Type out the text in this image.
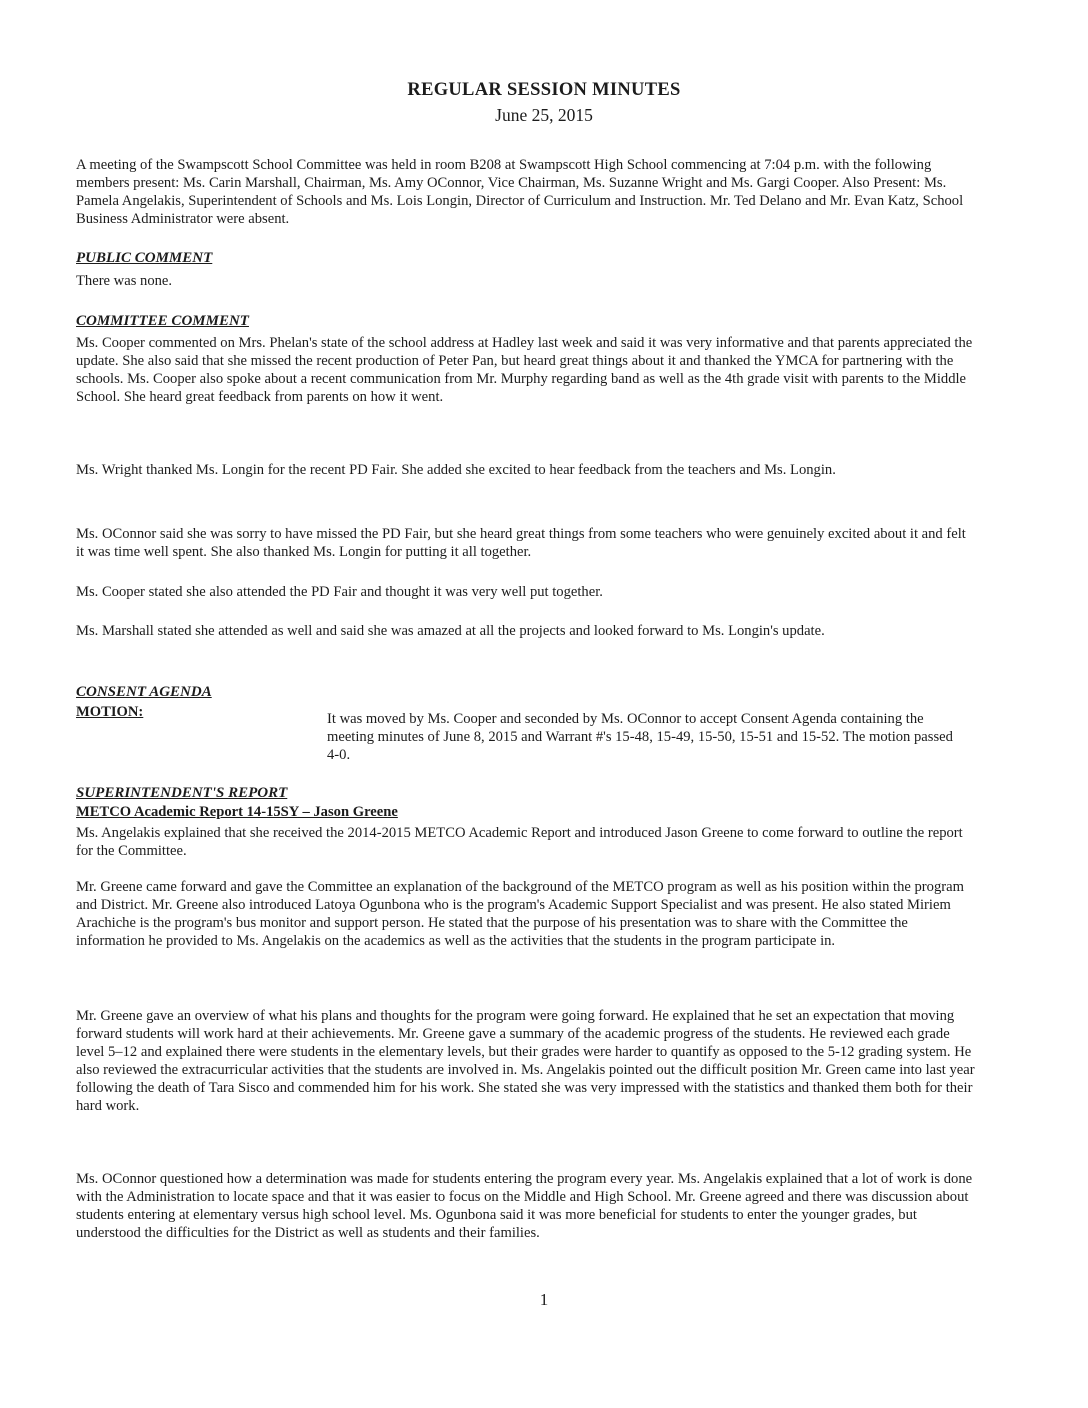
REGULAR SESSION MINUTES
June 25, 2015

A meeting of the Swampscott School Committee was held in room B208 at Swampscott High School commencing at 7:04 p.m. with the following members present: Ms. Carin Marshall, Chairman, Ms. Amy OConnor, Vice Chairman, Ms. Suzanne Wright and Ms. Gargi Cooper. Also Present: Ms. Pamela Angelakis, Superintendent of Schools and Ms. Lois Longin, Director of Curriculum and Instruction. Mr. Ted Delano and Mr. Evan Katz, School Business Administrator were absent.

PUBLIC COMMENT

There was none.

COMMITTEE COMMENT

Ms. Cooper commented on Mrs. Phelan's state of the school address at Hadley last week and said it was very informative and that parents appreciated the update. She also said that she missed the recent production of Peter Pan, but heard great things about it and thanked the YMCA for partnering with the schools. Ms. Cooper also spoke about a recent communication from Mr. Murphy regarding band as well as the 4th grade visit with parents to the Middle School. She heard great feedback from parents on how it went.

Ms. Wright thanked Ms. Longin for the recent PD Fair. She added she excited to hear feedback from the teachers and Ms. Longin.

Ms. OConnor said she was sorry to have missed the PD Fair, but she heard great things from some teachers who were genuinely excited about it and felt it was time well spent. She also thanked Ms. Longin for putting it all together.

Ms. Cooper stated she also attended the PD Fair and thought it was very well put together.

Ms. Marshall stated she attended as well and said she was amazed at all the projects and looked forward to Ms. Longin's update.

CONSENT AGENDA
MOTION:	It was moved by Ms. Cooper and seconded by Ms. OConnor to accept Consent Agenda containing the meeting minutes of June 8, 2015 and Warrant #'s 15-48, 15-49, 15-50, 15-51 and 15-52. The motion passed 4-0.

SUPERINTENDENT'S REPORT
METCO Academic Report 14-15SY – Jason Greene

Ms. Angelakis explained that she received the 2014-2015 METCO Academic Report and introduced Jason Greene to come forward to outline the report for the Committee.

Mr. Greene came forward and gave the Committee an explanation of the background of the METCO program as well as his position within the program and District. Mr. Greene also introduced Latoya Ogunbona who is the program's Academic Support Specialist and was present. He also stated Miriem Arachiche is the program's bus monitor and support person. He stated that the purpose of his presentation was to share with the Committee the information he provided to Ms. Angelakis on the academics as well as the activities that the students in the program participate in.

Mr. Greene gave an overview of what his plans and thoughts for the program were going forward. He explained that he set an expectation that moving forward students will work hard at their achievements. Mr. Greene gave a summary of the academic progress of the students. He reviewed each grade level 5–12 and explained there were students in the elementary levels, but their grades were harder to quantify as opposed to the 5-12 grading system. He also reviewed the extracurricular activities that the students are involved in. Ms. Angelakis pointed out the difficult position Mr. Green came into last year following the death of Tara Sisco and commended him for his work. She stated she was very impressed with the statistics and thanked them both for their hard work.

Ms. OConnor questioned how a determination was made for students entering the program every year. Ms. Angelakis explained that a lot of work is done with the Administration to locate space and that it was easier to focus on the Middle and High School. Mr. Greene agreed and there was discussion about students entering at elementary versus high school level. Ms. Ogunbona said it was more beneficial for students to enter the younger grades, but understood the difficulties for the District as well as students and their families.

1
